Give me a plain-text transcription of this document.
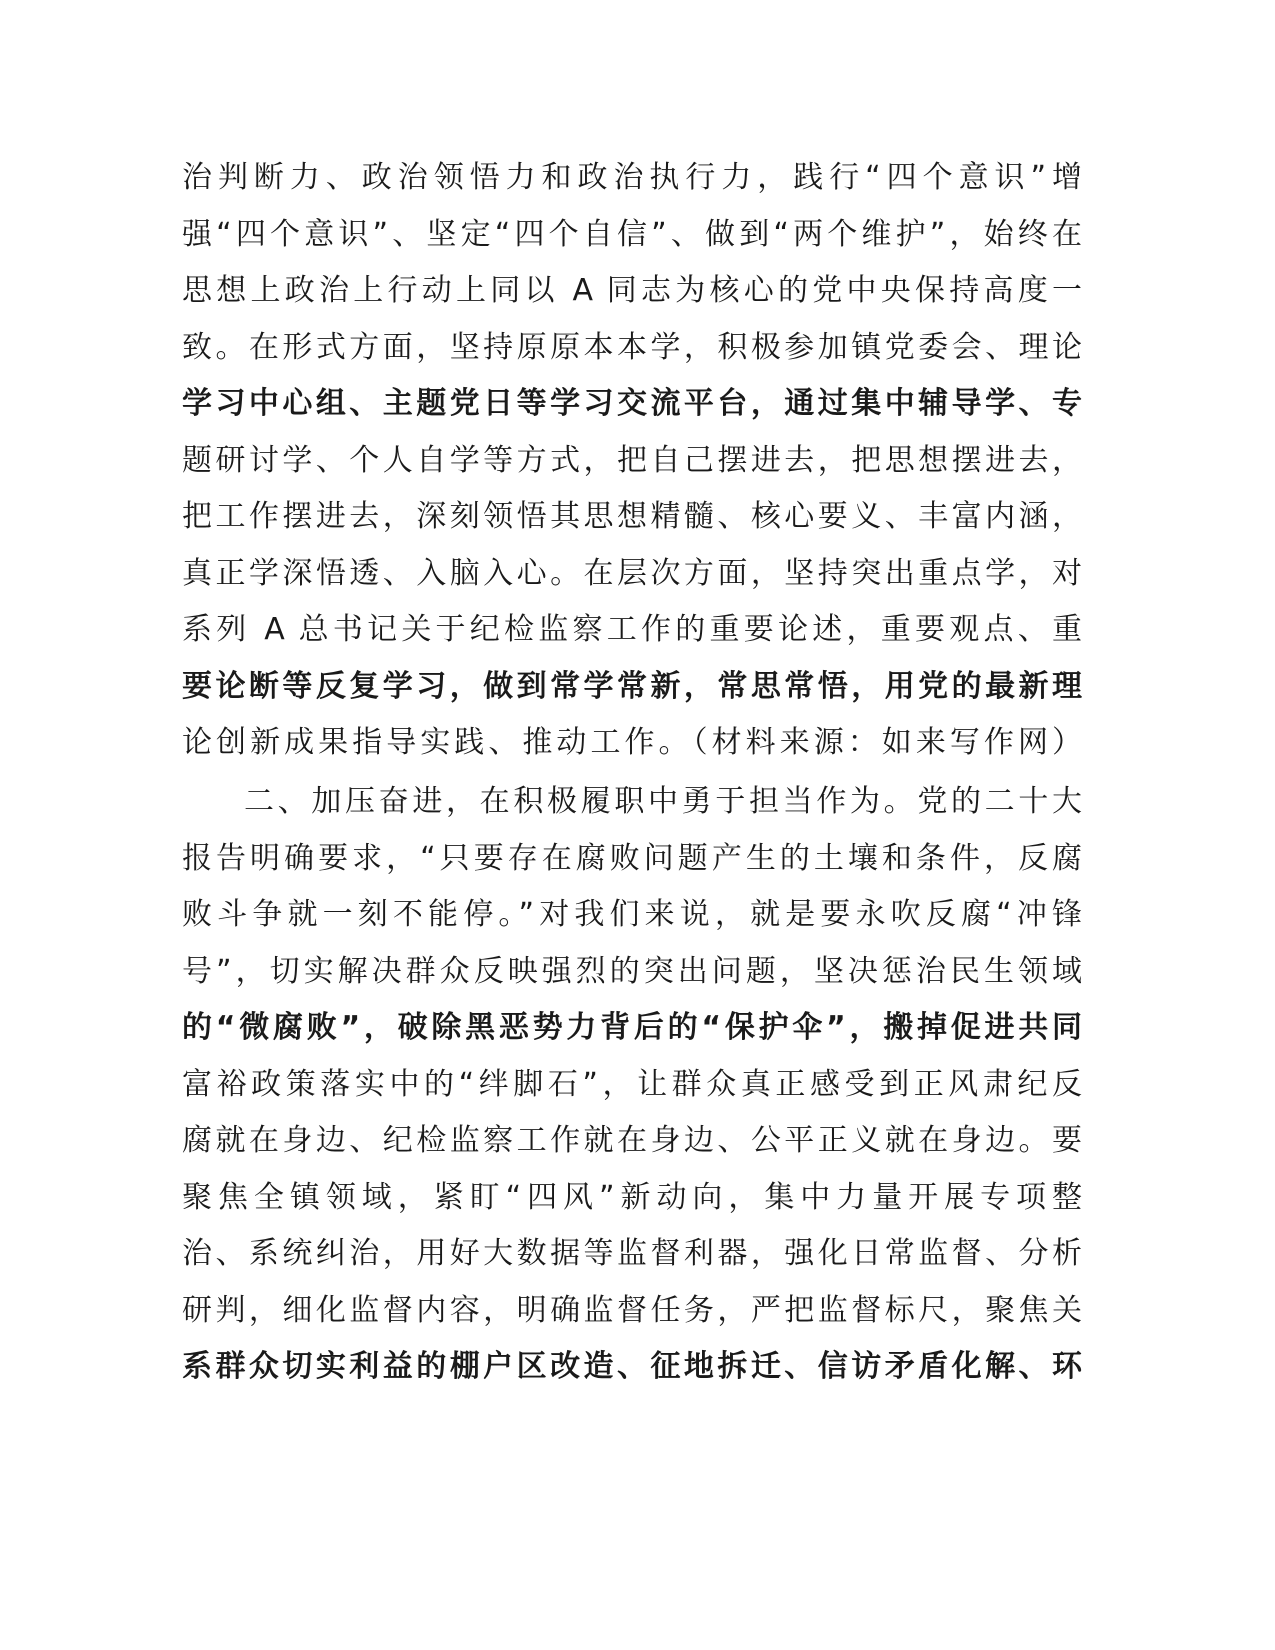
治判断力、政治领悟力和政治执行力，践行“四个意识”增
强“四个意识”、坚定“四个自信”、做到“两个维护”，始终在
思想上政治上行动上同以 A 同志为核心的党中央保持高度一
致。在形式方面，坚持原原本本学，积极参加镇党委会、理论
学习中心组、主题党日等学习交流平台，通过集中辅导学、专
题研讨学、个人自学等方式，把自己摆进去，把思想摆进去，
把工作摆进去，深刻领悟其思想精髓、核心要义、丰富内涵，
真正学深悟透、入脑入心。在层次方面，坚持突出重点学，对
系列 A 总书记关于纪检监察工作的重要论述，重要观点、重
要论断等反复学习，做到常学常新，常思常悟，用党的最新理
论创新成果指导实践、推动工作。（材料来源：如来写作网）
二、加压奋进，在积极履职中勇于担当作为。党的二十大
报告明确要求，“只要存在腐败问题产生的土壤和条件，反腐
败斗争就一刻不能停。”对我们来说，就是要永吹反腐“冲锋
号”，切实解决群众反映强烈的突出问题，坚决惩治民生领域
的“微腐败”，破除黑恶势力背后的“保护伞”，搬掉促进共同
富裕政策落实中的“绊脚石”，让群众真正感受到正风肃纪反
腐就在身边、纪检监察工作就在身边、公平正义就在身边。要
聚焦全镇领域，紧盯“四风”新动向，集中力量开展专项整
治、系统纠治，用好大数据等监督利器，强化日常监督、分析
研判，细化监督内容，明确监督任务，严把监督标尺，聚焦关
系群众切实利益的棚户区改造、征地拆迁、信访矛盾化解、环
